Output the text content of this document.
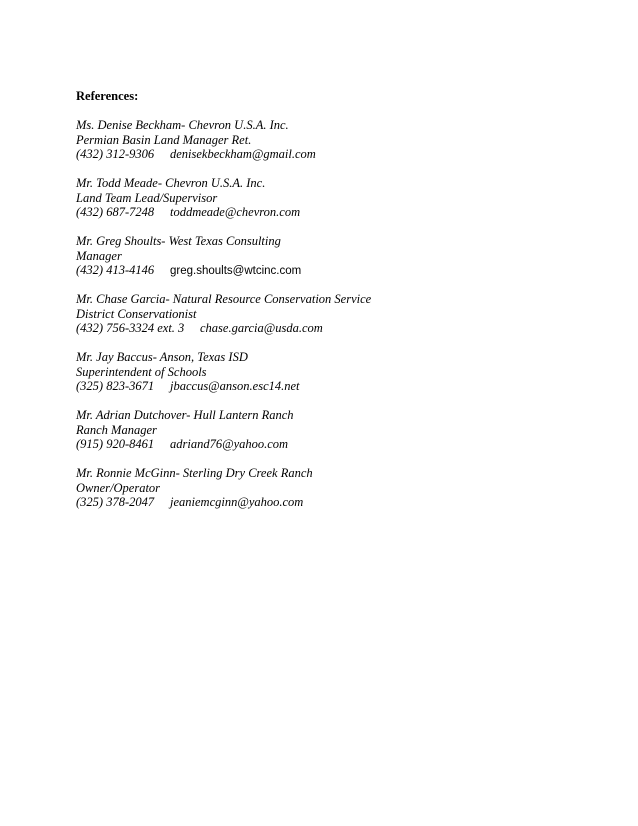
References:
Ms. Denise Beckham- Chevron U.S.A. Inc.
Permian Basin Land Manager Ret.
(432) 312-9306 denisekbeckham@gmail.com
Mr. Todd Meade- Chevron U.S.A. Inc.
Land Team Lead/Supervisor
(432) 687-7248 toddmeade@chevron.com
Mr. Greg Shoults- West Texas Consulting
Manager
(432) 413-4146 greg.shoults@wtcinc.com
Mr. Chase Garcia- Natural Resource Conservation Service
District Conservationist
(432) 756-3324 ext. 3 chase.garcia@usda.com
Mr. Jay Baccus- Anson, Texas ISD
Superintendent of Schools
(325) 823-3671 jbaccus@anson.esc14.net
Mr. Adrian Dutchover- Hull Lantern Ranch
Ranch Manager
(915) 920-8461 adriand76@yahoo.com
Mr. Ronnie McGinn- Sterling Dry Creek Ranch
Owner/Operator
(325) 378-2047 jeaniemcginn@yahoo.com
